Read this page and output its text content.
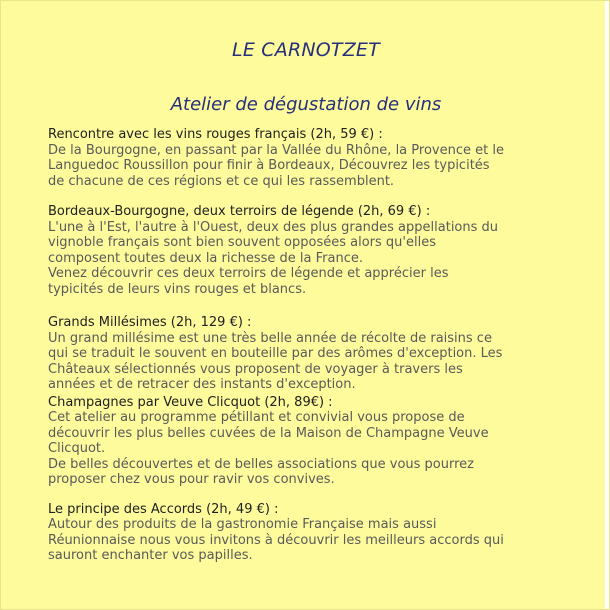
LE CARNOTZET
Atelier de dégustation de vins

Rencontre avec les vins rouges français (2h, 59 €) :

De la Bourgogne, en passant par la Vallée du Rhône, la Provence et le

Languedoc Roussillon pour finir à Bordeaux, Découvrez les typicités

de chacune de ces régions et ce qui les rassemblent.

Bordeaux-Bourgogne, deux terroirs de légende (2h, 69 €) :

L'une à l'Est, l'autre à l'Ouest, deux des plus grandes appellations du

vignoble français sont bien souvent opposées alors qu'elles

composent toutes deux la richesse de la France.

Venez découvrir ces deux terroirs de légende et apprécier les

typicités de leurs vins rouges et blancs.

Grands Millésimes (2h, 129 €) :

Un grand millésime est une très belle année de récolte de raisins ce

qui se traduit le souvent en bouteille par des arômes d'exception. Les

Châteaux sélectionnés vous proposent de voyager à travers les

années et de retracer des instants d'exception.

Champagnes par Veuve Clicquot (2h, 89€) :

Cet atelier au programme pétillant et convivial vous propose de

découvrir les plus belles cuvées de la Maison de Champagne Veuve

Clicquot.

De belles découvertes et de belles associations que vous pourrez

proposer chez vous pour ravir vos convives.

Le principe des Accords (2h, 49 €) :

Autour des produits de la gastronomie Française mais aussi

Réunionnaise nous vous invitons à découvrir les meilleurs accords qui

sauront enchanter vos papilles.
